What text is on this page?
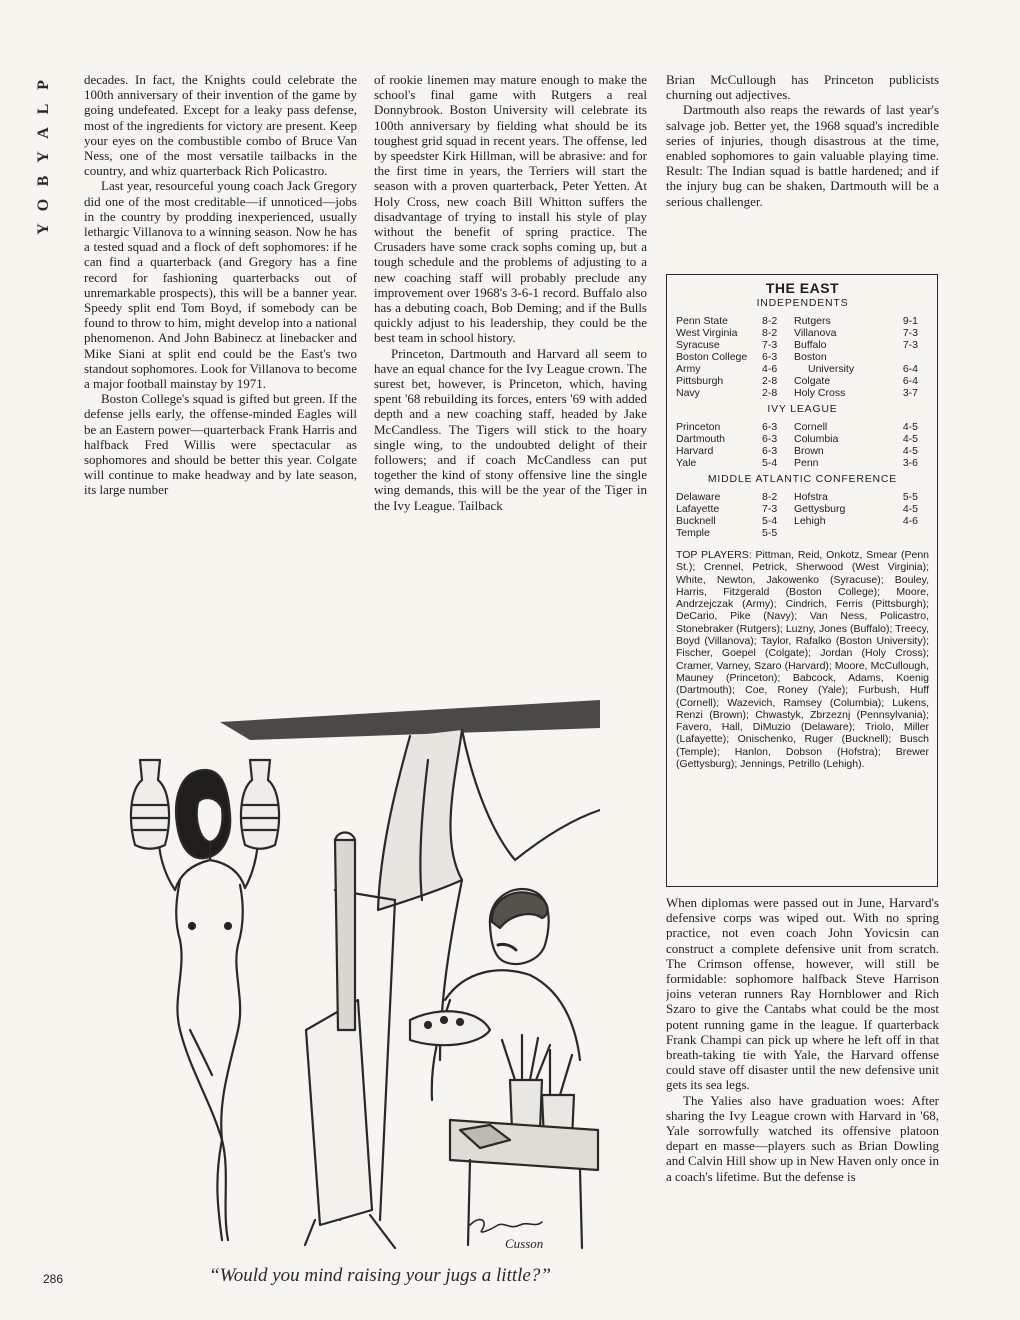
P
L
A
Y
B
O
Y

decades. In fact, the Knights could celebrate the 100th anniversary of their invention of the game by going undefeated. Except for a leaky pass defense, most of the ingredients for victory are present. Keep your eyes on the combustible combo of Bruce Van Ness, one of the most versatile tailbacks in the country, and whiz quarterback Rich Policastro.

Last year, resourceful young coach Jack Gregory did one of the most creditable—if unnoticed—jobs in the country by prodding inexperienced, usually lethargic Villanova to a winning season. Now he has a tested squad and a flock of deft sophomores: if he can find a quarterback (and Gregory has a fine record for fashioning quarterbacks out of unremarkable prospects), this will be a banner year. Speedy split end Tom Boyd, if somebody can be found to throw to him, might develop into a national phenomenon. And John Babinecz at linebacker and Mike Siani at split end could be the East's two standout sophomores. Look for Villanova to become a major football mainstay by 1971.

Boston College's squad is gifted but green. If the defense jells early, the offense-minded Eagles will be an Eastern power—quarterback Frank Harris and halfback Fred Willis were spectacular as sophomores and should be better this year. Colgate will continue to make headway and by late season, its large number

of rookie linemen may mature enough to make the school's final game with Rutgers a real Donnybrook. Boston University will celebrate its 100th anniversary by fielding what should be its toughest grid squad in recent years. The offense, led by speedster Kirk Hillman, will be abrasive: and for the first time in years, the Terriers will start the season with a proven quarterback, Peter Yetten. At Holy Cross, new coach Bill Whitton suffers the disadvantage of trying to install his style of play without the benefit of spring practice. The Crusaders have some crack sophs coming up, but a tough schedule and the problems of adjusting to a new coaching staff will probably preclude any improvement over 1968's 3-6-1 record. Buffalo also has a debuting coach, Bob Deming; and if the Bulls quickly adjust to his leadership, they could be the best team in school history.

Princeton, Dartmouth and Harvard all seem to have an equal chance for the Ivy League crown. The surest bet, however, is Princeton, which, having spent '68 rebuilding its forces, enters '69 with added depth and a new coaching staff, headed by Jake McCandless. The Tigers will stick to the hoary single wing, to the undoubted delight of their followers; and if coach McCandless can put together the kind of stony offensive line the single wing demands, this will be the year of the Tiger in the Ivy League. Tailback

Brian McCullough has Princeton publicists churning out adjectives.

Dartmouth also reaps the rewards of last year's salvage job. Better yet, the 1968 squad's incredible series of injuries, though disastrous at the time, enabled sophomores to gain valuable playing time. Result: The Indian squad is battle hardened; and if the injury bug can be shaken, Dartmouth will be a serious challenger.

THE EAST
INDEPENDENTS
Penn State	8-2	Rutgers	9-1
West Virginia	8-2	Villanova	7-3
Syracuse	7-3	Buffalo	7-3
Boston College	6-3	Boston
Army	4-6	University	6-4
Pittsburgh	2-8	Colgate	6-4
Navy	2-8	Holy Cross	3-7
IVY LEAGUE
Princeton	6-3	Cornell	4-5
Dartmouth	6-3	Columbia	4-5
Harvard	6-3	Brown	4-5
Yale	5-4	Penn	3-6
MIDDLE ATLANTIC CONFERENCE
Delaware	8-2	Hofstra	5-5
Lafayette	7-3	Gettysburg	4-5
Bucknell	5-4	Lehigh	4-6
Temple	5-5
TOP PLAYERS: Pittman, Reid, Onkotz, Smear (Penn St.); Crennel, Petrick, Sherwood (West Virginia); White, Newton, Jakowenko (Syracuse); Bouley, Harris, Fitzgerald (Boston College); Moore, Andrzejczak (Army); Cindrich, Ferris (Pittsburgh); DeCario, Pike (Navy); Van Ness, Policastro, Stonebraker (Rutgers); Luzny, Jones (Buffalo); Treecy, Boyd (Villanova); Taylor, Rafalko (Boston University); Fischer, Goepel (Colgate); Jordan (Holy Cross); Cramer, Varney, Szaro (Harvard); Moore, McCullough, Mauney (Princeton); Babcock, Adams, Koenig (Dartmouth); Coe, Roney (Yale); Furbush, Huff (Cornell); Wazevich, Ramsey (Columbia); Lukens, Renzi (Brown); Chwastyk, Zbrzeznj (Pennsylvania); Favero, Hall, DiMuzio (Delaware); Triolo, Miller (Lafayette); Onischenko, Ruger (Bucknell); Busch (Temple); Hanlon, Dobson (Hofstra); Brewer (Gettysburg); Jennings, Petrillo (Lehigh).

When diplomas were passed out in June, Harvard's defensive corps was wiped out. With no spring practice, not even coach John Yovicsin can construct a complete defensive unit from scratch. The Crimson offense, however, will still be formidable: sophomore halfback Steve Harrison joins veteran runners Ray Hornblower and Rich Szaro to give the Cantabs what could be the most potent running game in the league. If quarterback Frank Champi can pick up where he left off in that breath-taking tie with Yale, the Harvard offense could stave off disaster until the new defensive unit gets its sea legs.

The Yalies also have graduation woes: After sharing the Ivy League crown with Harvard in '68, Yale sorrowfully watched its offensive platoon depart en masse—players such as Brian Dowling and Calvin Hill show up in New Haven only once in a coach's lifetime. But the defense is

Cusson
“Would you mind raising your jugs a little?”
286
